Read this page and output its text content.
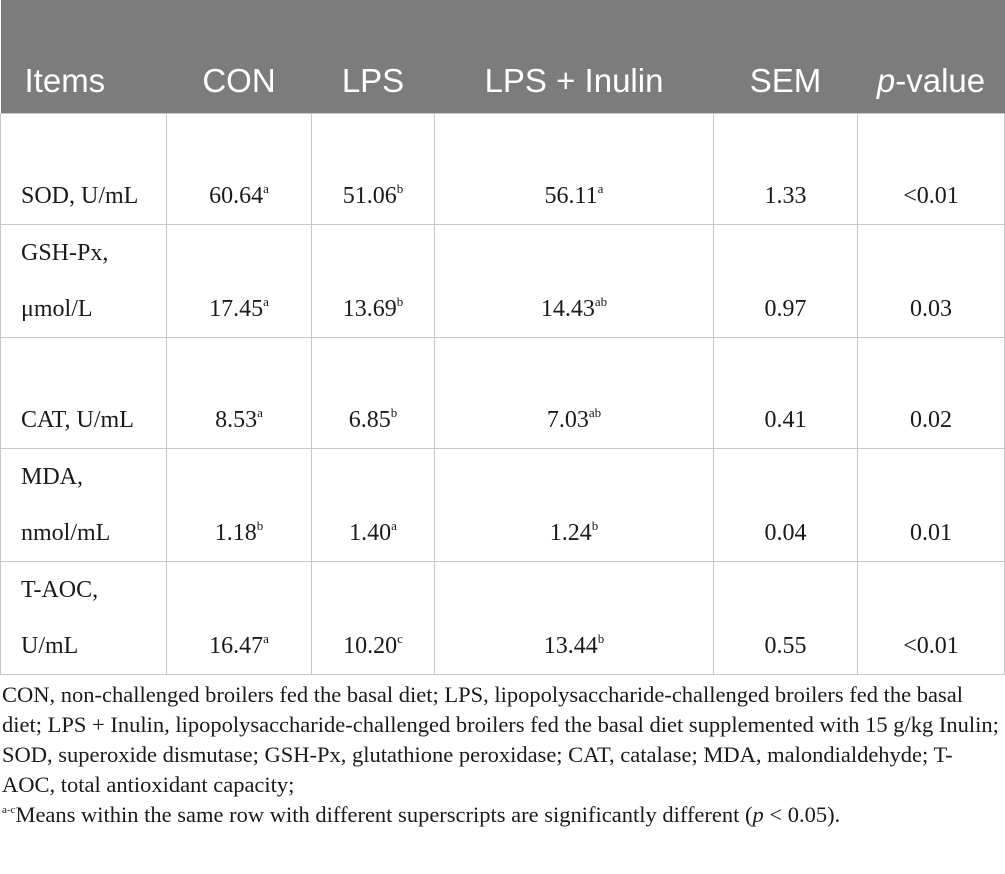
Items	CON	LPS	LPS + Inulin	SEM	p-value
SOD, U/mL	60.64$^a$	51.06$^b$	56.11$^a$	1.33	<0.01
GSH-Px, μmol/L	17.45$^a$	13.69$^b$	14.43$^{ab}$	0.97	0.03
CAT, U/mL	8.53$^a$	6.85$^b$	7.03$^{ab}$	0.41	0.02
MDA, nmol/mL	1.18$^b$	1.40$^a$	1.24$^b$	0.04	0.01
T-AOC, U/mL	16.47$^a$	10.20$^c$	13.44$^b$	0.55	<0.01
CON, non-challenged broilers fed the basal diet; LPS, lipopolysaccharide-challenged broilers fed the basal diet; LPS + Inulin, lipopolysaccharide-challenged broilers fed the basal diet supplemented with 15 g/kg Inulin; SOD, superoxide dismutase; GSH-Px, glutathione peroxidase; CAT, catalase; MDA, malondialdehyde; T-AOC, total antioxidant capacity;
$^{a-c}$Means within the same row with different superscripts are significantly different (p < 0.05).
